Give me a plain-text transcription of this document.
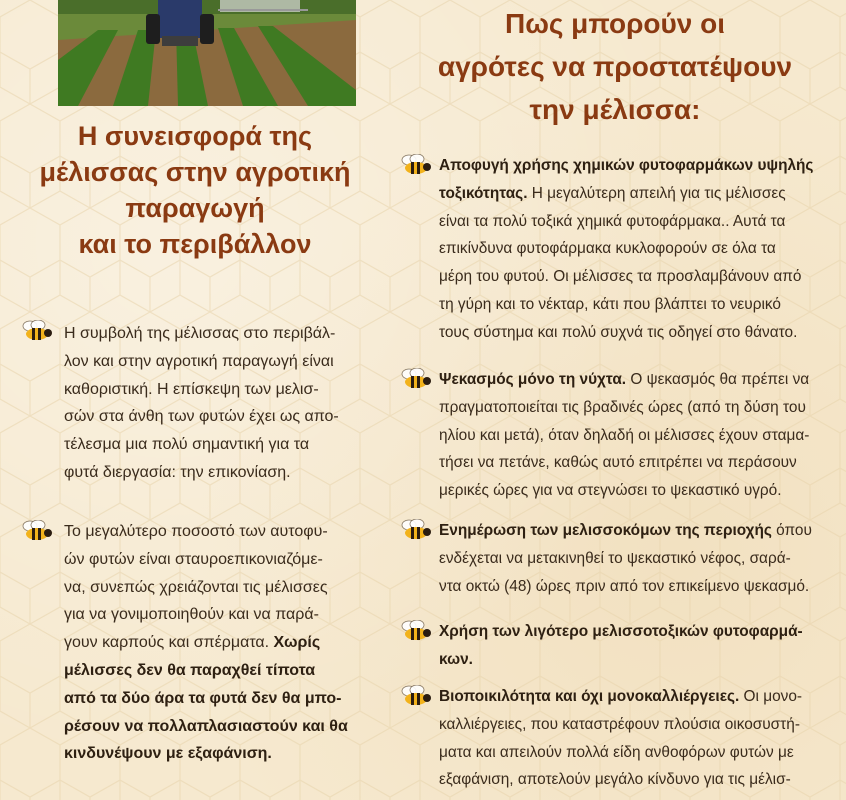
Η συνεισφορά της
μέλισσας στην αγροτική
παραγωγή
και το περιβάλλον
Η συμβολή της μέλισσας στο περιβάλ-
λον και στην αγροτική παραγωγή είναι
καθοριστική. Η επίσκεψη των μελισ-
σών στα άνθη των φυτών έχει ως απο-
τέλεσμα μια πολύ σημαντική για τα
φυτά διεργασία: την επικονίαση.
Το μεγαλύτερο ποσοστό των αυτοφυ-
ών φυτών είναι σταυροεπικονιαζόμε-
να, συνεπώς χρειάζονται τις μέλισσες
για να γονιμοποιηθούν και να παρά-
γουν καρπούς και σπέρματα. Χωρίς
μέλισσες δεν θα παραχθεί τίποτα
από τα δύο άρα τα φυτά δεν θα μπο-
ρέσουν να πολλαπλασιαστούν και θα
κινδυνέψουν με εξαφάνιση.
Πως μπορούν οι
αγρότες να προστατέψουν
την μέλισσα:
Αποφυγή χρήσης χημικών φυτοφαρμάκων υψηλής
τοξικότητας. Η μεγαλύτερη απειλή για τις μέλισσες
είναι τα πολύ τοξικά χημικά φυτοφάρμακα.. Αυτά τα
επικίνδυνα φυτοφάρμακα κυκλοφορούν σε όλα τα
μέρη του φυτού. Οι μέλισσες τα προσλαμβάνουν από
τη γύρη και το νέκταρ, κάτι που βλάπτει το νευρικό
τους σύστημα και πολύ συχνά τις οδηγεί στο θάνατο.
Ψεκασμός μόνο τη νύχτα. Ο ψεκασμός θα πρέπει να
πραγματοποιείται τις βραδινές ώρες (από τη δύση του
ηλίου και μετά), όταν δηλαδή οι μέλισσες έχουν σταμα-
τήσει να πετάνε, καθώς αυτό επιτρέπει να περάσουν
μερικές ώρες για να στεγνώσει το ψεκαστικό υγρό.
Ενημέρωση των μελισσοκόμων της περιοχής όπου
ενδέχεται να μετακινηθεί το ψεκαστικό νέφος, σαρά-
ντα οκτώ (48) ώρες πριν από τον επικείμενο ψεκασμό.
Χρήση των λιγότερο μελισσοτοξικών φυτοφαρμά-
κων.
Βιοποικιλότητα και όχι μονοκαλλιέργειες. Οι μονο-
καλλιέργειες, που καταστρέφουν πλούσια οικοσυστή-
ματα και απειλούν πολλά είδη ανθοφόρων φυτών με
εξαφάνιση, αποτελούν μεγάλο κίνδυνο για τις μέλισ-
